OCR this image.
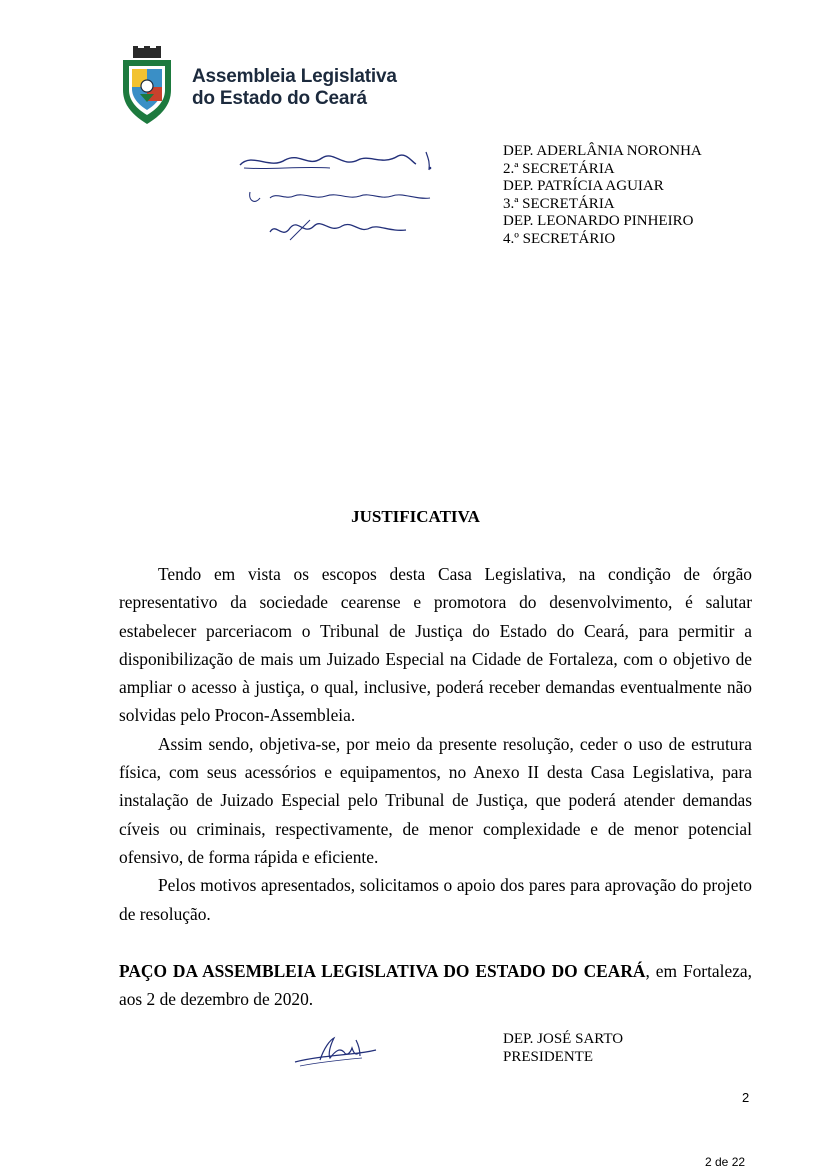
Assembleia Legislativa
do Estado do Ceará
DEP. ADERLÂNIA NORONHA
2.ª SECRETÁRIA
DEP. PATRÍCIA AGUIAR
3.ª SECRETÁRIA
DEP. LEONARDO PINHEIRO
4.º SECRETÁRIO
JUSTIFICATIVA

Tendo em vista os escopos desta Casa Legislativa, na condição de órgão representativo da sociedade cearense e promotora do desenvolvimento, é salutar estabelecer parceriacom o Tribunal de Justiça do Estado do Ceará, para permitir a disponibilização de mais um Juizado Especial na Cidade de Fortaleza, com o objetivo de ampliar o acesso à justiça, o qual, inclusive, poderá receber demandas eventualmente não solvidas pelo Procon-Assembleia.

Assim sendo, objetiva-se, por meio da presente resolução, ceder o uso de estrutura física, com seus acessórios e equipamentos, no Anexo II desta Casa Legislativa, para instalação de Juizado Especial pelo Tribunal de Justiça, que poderá atender demandas cíveis ou criminais, respectivamente, de menor complexidade e de menor potencial ofensivo, de forma rápida e eficiente.

Pelos motivos apresentados, solicitamos o apoio dos pares para aprovação do projeto de resolução.

PAÇO DA ASSEMBLEIA LEGISLATIVA DO ESTADO DO CEARÁ, em Fortaleza, aos 2 de dezembro de 2020.
DEP. JOSÉ SARTO
PRESIDENTE
2
2 de 22
